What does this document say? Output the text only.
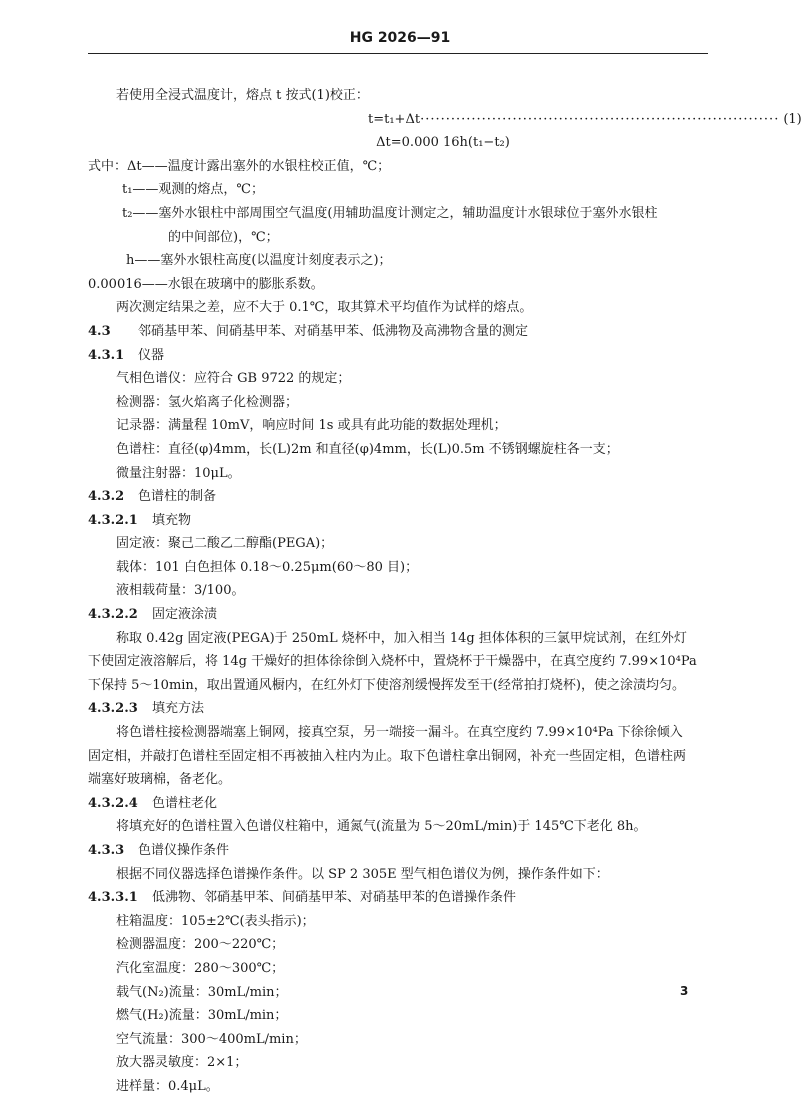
HG 2026—91
若使用全浸式温度计，熔点 t 按式(1)校正：
t=t₁+Δt ······································································ (1)
Δt=0.000 16h(t₁−t₂)
式中：Δt——温度计露出塞外的水银柱校正值，℃；
t₁——观测的熔点，℃；
t₂——塞外水银柱中部周围空气温度(用辅助温度计测定之，辅助温度计水银球位于塞外水银柱
的中间部位)，℃；
h——塞外水银柱高度(以温度计刻度表示之)；
0.00016——水银在玻璃中的膨胀系数。
两次测定结果之差，应不大于 0.1℃，取其算术平均值作为试样的熔点。
4.3 邻硝基甲苯、间硝基甲苯、对硝基甲苯、低沸物及高沸物含量的测定
4.3.1 仪器
气相色谱仪：应符合 GB 9722 的规定；
检测器：氢火焰离子化检测器；
记录器：满量程 10mV，响应时间 1s 或具有此功能的数据处理机；
色谱柱：直径(φ)4mm，长(L)2m 和直径(φ)4mm，长(L)0.5m 不锈钢螺旋柱各一支；
微量注射器：10μL。
4.3.2 色谱柱的制备
4.3.2.1 填充物
固定液：聚己二酸乙二醇酯(PEGA)；
载体：101 白色担体 0.18～0.25μm(60～80 目)；
液相载荷量：3/100。
4.3.2.2 固定液涂渍
称取 0.42g 固定液(PEGA)于 250mL 烧杯中，加入相当 14g 担体体积的三氯甲烷试剂，在红外灯
下使固定液溶解后，将 14g 干燥好的担体徐徐倒入烧杯中，置烧杯于干燥器中，在真空度约 7.99×10⁴Pa
下保持 5～10min，取出置通风橱内，在红外灯下使溶剂缓慢挥发至干(经常拍打烧杯)，使之涂渍均匀。
4.3.2.3 填充方法
将色谱柱接检测器端塞上铜网，接真空泵，另一端接一漏斗。在真空度约 7.99×10⁴Pa 下徐徐倾入
固定相，并敲打色谱柱至固定相不再被抽入柱内为止。取下色谱柱拿出铜网，补充一些固定相，色谱柱两
端塞好玻璃棉，备老化。
4.3.2.4 色谱柱老化
将填充好的色谱柱置入色谱仪柱箱中，通氮气(流量为 5～20mL/min)于 145℃下老化 8h。
4.3.3 色谱仪操作条件
根据不同仪器选择色谱操作条件。以 SP 2 305E 型气相色谱仪为例，操作条件如下：
4.3.3.1 低沸物、邻硝基甲苯、间硝基甲苯、对硝基甲苯的色谱操作条件
柱箱温度：105±2℃(表头指示)；
检测器温度：200～220℃；
汽化室温度：280～300℃；
载气(N₂)流量：30mL/min；
燃气(H₂)流量：30mL/min；
空气流量：300～400mL/min；
放大器灵敏度：2×1；
进样量：0.4μL。
3
